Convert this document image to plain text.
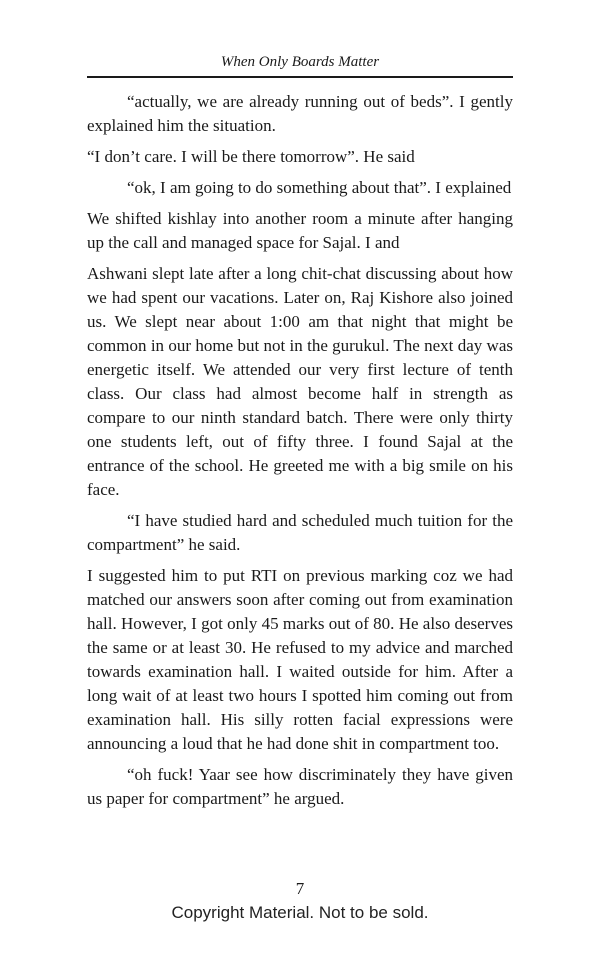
When Only Boards Matter

“actually, we are already running out of beds”. I gently explained him the situation.

“I don’t care. I will be there tomorrow”. He said

“ok, I am going to do something about that”. I explained

We shifted kishlay into another room a minute after hanging up the call and managed space for Sajal. I and

Ashwani slept late after a long chit-chat discussing about how we had spent our vacations. Later on, Raj Kishore also joined us. We slept near about 1:00 am that night that might be common in our home but not in the gurukul. The next day was energetic itself. We attended our very first lecture of tenth class. Our class had almost become half in strength as compare to our ninth standard batch. There were only thirty one students left, out of fifty three. I found Sajal at the entrance of the school. He greeted me with a big smile on his face.

“I have studied hard and scheduled much tuition for the compartment” he said.

I suggested him to put RTI on previous marking coz we had matched our answers soon after coming out from examination hall. However, I got only 45 marks out of 80. He also deserves the same or at least 30. He refused to my advice and marched towards examination hall. I waited outside for him. After a long wait of at least two hours I spotted him coming out from examination hall. His silly rotten facial expressions were announcing a loud that he had done shit in compartment too.

“oh fuck! Yaar see how discriminately they have given us paper for compartment” he argued.

7
Copyright Material. Not to be sold.
